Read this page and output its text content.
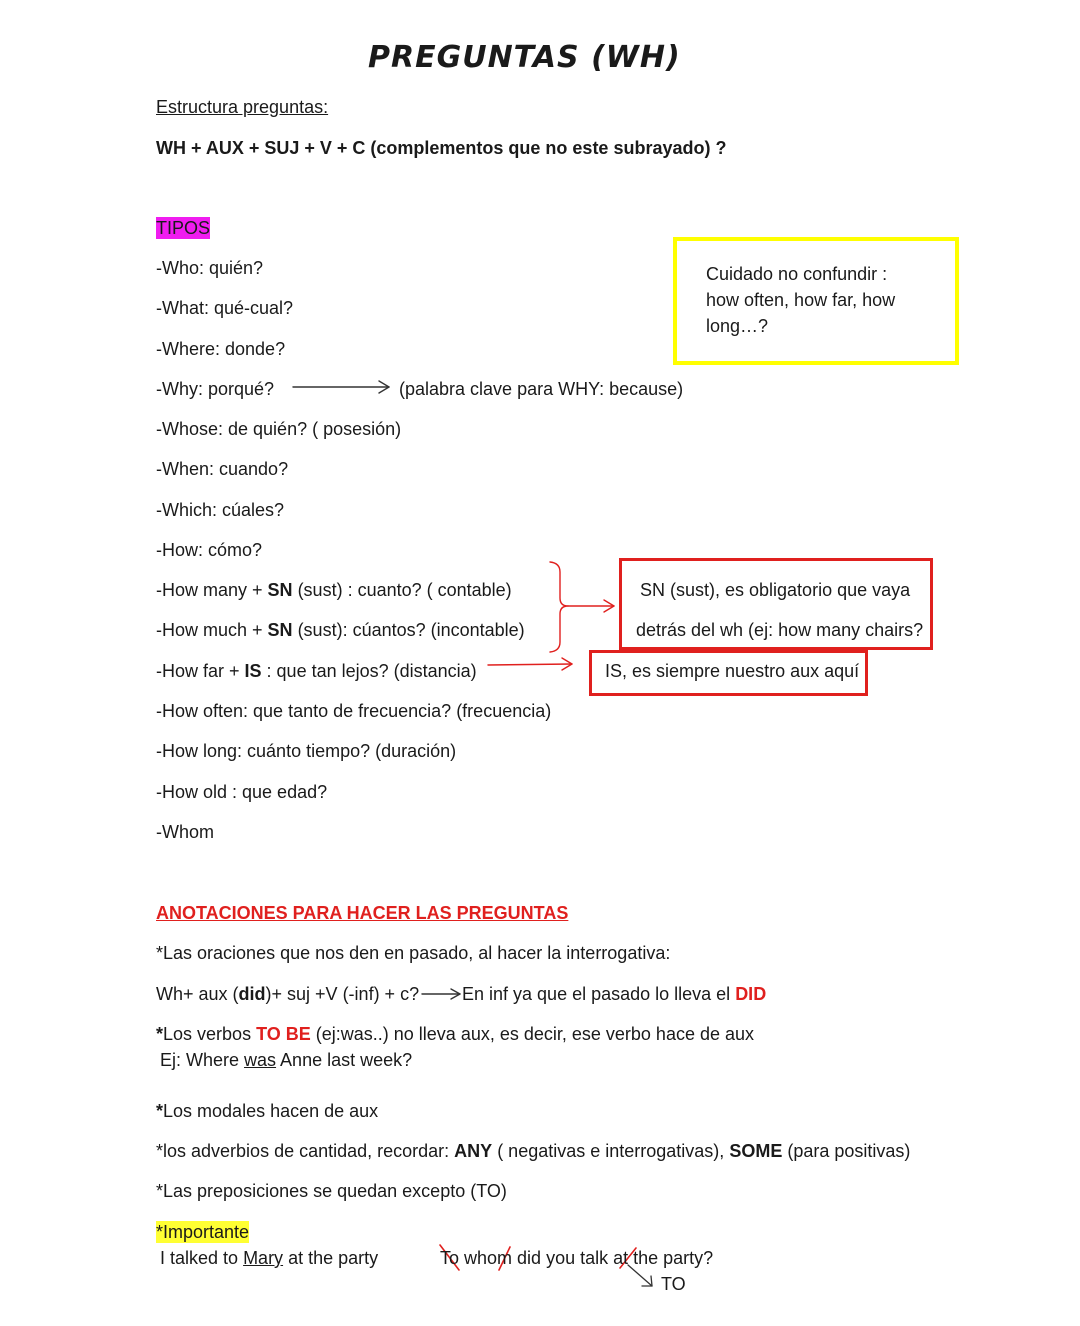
PREGUNTAS (WH)
Estructura preguntas:
WH + AUX + SUJ + V + C (complementos que no este subrayado) ?
TIPOS
-Who: quién?
-What: qué-cual?
-Where: donde?
-Why: porqué?	(palabra clave para WHY: because)
-Whose: de quién? ( posesión)
-When: cuando?
-Which: cúales?
-How: cómo?
-How many + SN (sust) : cuanto? ( contable)
-How much + SN (sust): cúantos? (incontable)
-How far + IS : que tan lejos? (distancia)
-How often: que tanto de frecuencia? (frecuencia)
-How long: cuánto tiempo? (duración)
-How old : que edad?
-Whom
Cuidado no confundir :
how often, how far, how
long…?
SN (sust), es obligatorio que vaya
detrás del wh (ej: how many chairs?
IS, es siempre nuestro aux aquí
ANOTACIONES PARA HACER LAS PREGUNTAS
*Las oraciones que nos den en pasado, al hacer la interrogativa:
Wh+ aux (did)+ suj +V (-inf) + c? En inf ya que el pasado lo lleva el DID
*Los verbos TO BE (ej:was..) no lleva aux, es decir, ese verbo hace de aux
Ej: Where was Anne last week?
*Los modales hacen de aux
*los adverbios de cantidad, recordar: ANY ( negativas e interrogativas), SOME (para positivas)
*Las preposiciones se quedan excepto (TO)
*Importante
I talked to Mary at the party	To whom did you talk at the party?
TO
